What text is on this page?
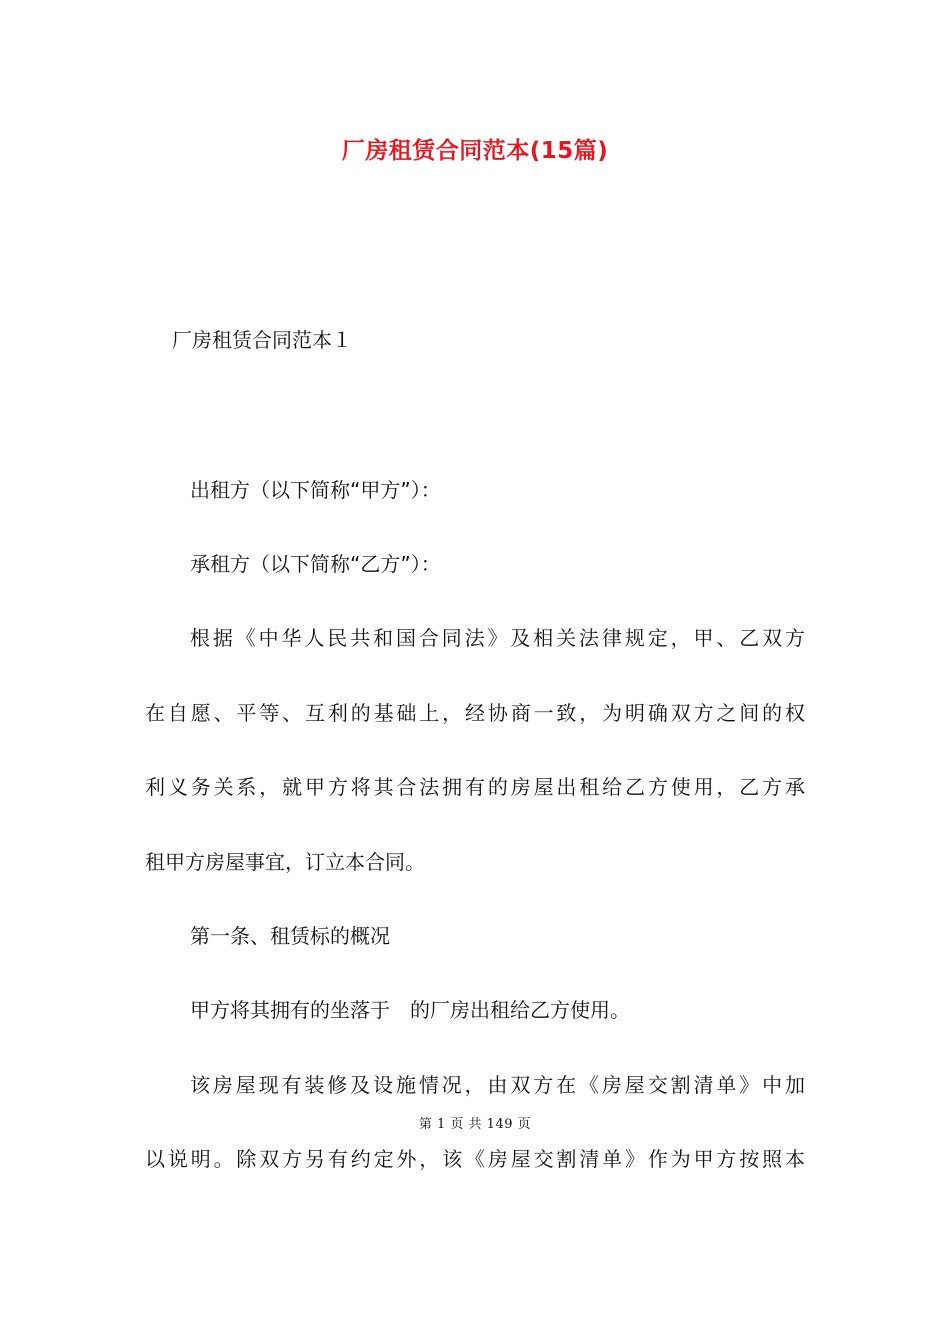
厂房租赁合同范本(15篇)
厂房租赁合同范本１
出租方（以下简称“甲方”）：
承租方（以下简称“乙方”）：
根据《中华人民共和国合同法》及相关法律规定，甲、乙双方
在自愿、平等、互利的基础上，经协商一致，为明确双方之间的权
利义务关系，就甲方将其合法拥有的房屋出租给乙方使用，乙方承
租甲方房屋事宜，订立本合同。
第一条、租赁标的概况
甲方将其拥有的坐落于　的厂房出租给乙方使用。
该房屋现有装修及设施情况，由双方在《房屋交割清单》中加
第 1 页 共 149 页
以说明。除双方另有约定外，该《房屋交割清单》作为甲方按照本
